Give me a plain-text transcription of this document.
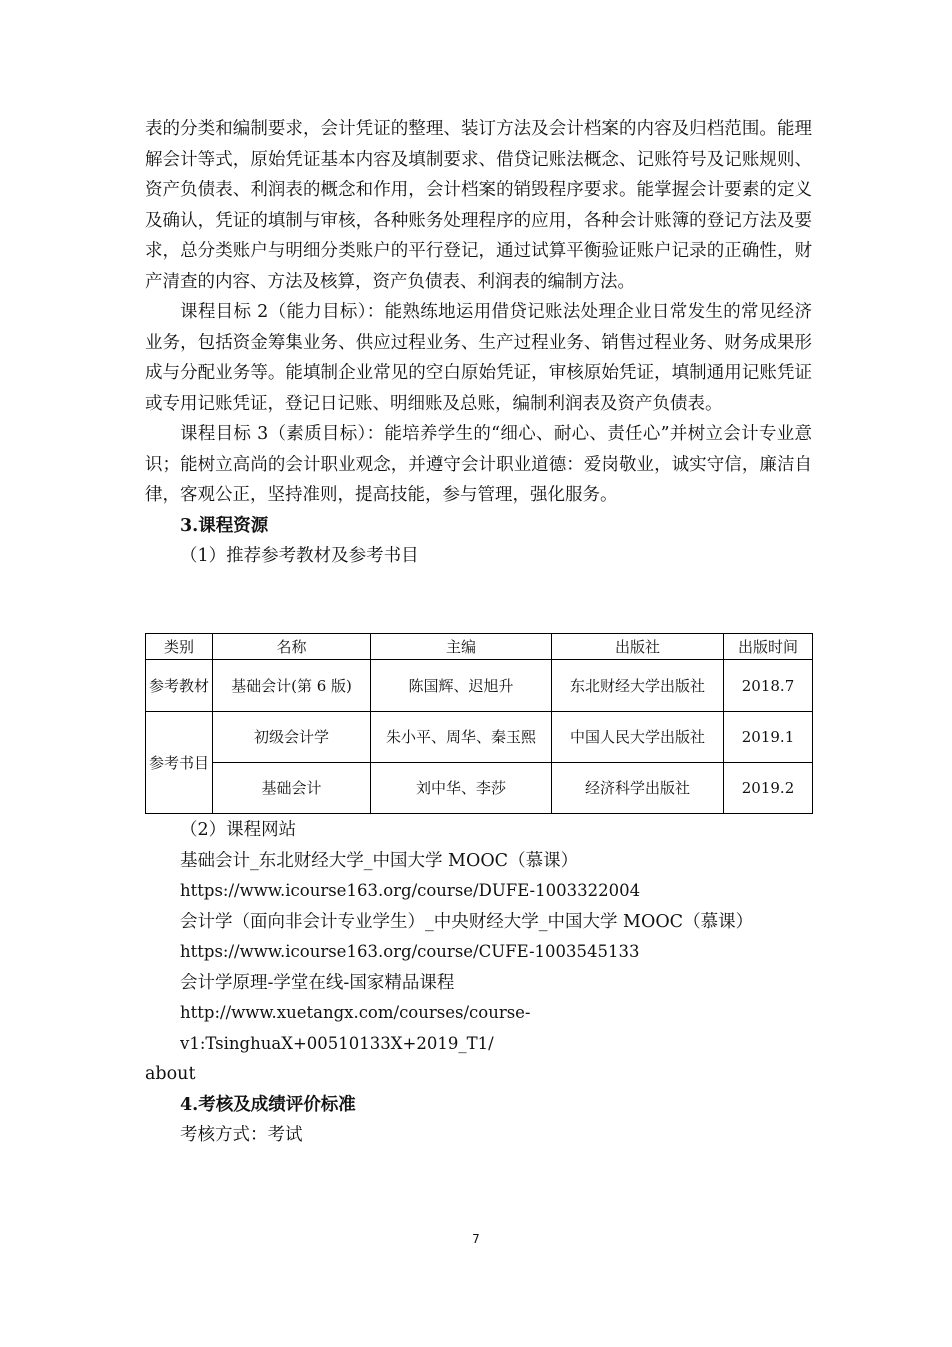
表的分类和编制要求，会计凭证的整理、装订方法及会计档案的内容及归档范围。能理解会计等式，原始凭证基本内容及填制要求、借贷记账法概念、记账符号及记账规则、资产负债表、利润表的概念和作用，会计档案的销毁程序要求。能掌握会计要素的定义及确认，凭证的填制与审核，各种账务处理程序的应用，各种会计账簿的登记方法及要求，总分类账户与明细分类账户的平行登记，通过试算平衡验证账户记录的正确性，财产清查的内容、方法及核算，资产负债表、利润表的编制方法。

课程目标 2（能力目标）：能熟练地运用借贷记账法处理企业日常发生的常见经济业务，包括资金筹集业务、供应过程业务、生产过程业务、销售过程业务、财务成果形成与分配业务等。能填制企业常见的空白原始凭证，审核原始凭证，填制通用记账凭证或专用记账凭证，登记日记账、明细账及总账，编制利润表及资产负债表。

课程目标 3（素质目标）：能培养学生的“细心、耐心、责任心”并树立会计专业意识；能树立高尚的会计职业观念，并遵守会计职业道德：爱岗敬业，诚实守信，廉洁自律，客观公正，坚持准则，提高技能，参与管理，强化服务。

3.课程资源

（1）推荐参考教材及参考书目

类别	名称	主编	出版社	出版时间
参考教材	基础会计(第 6 版)	陈国辉、迟旭升	东北财经大学出版社	2018.7
参考书目	初级会计学	朱小平、周华、秦玉熙	中国人民大学出版社	2019.1
	基础会计	刘中华、李莎	经济科学出版社	2019.2

（2）课程网站

基础会计_东北财经大学_中国大学 MOOC（慕课）

https://www.icourse163.org/course/DUFE-1003322004

会计学（面向非会计专业学生）_中央财经大学_中国大学 MOOC（慕课）

https://www.icourse163.org/course/CUFE-1003545133

会计学原理-学堂在线-国家精品课程

http://www.xuetangx.com/courses/course-v1:TsinghuaX+00510133X+2019_T1/

about

4.考核及成绩评价标准

考核方式：考试

7
